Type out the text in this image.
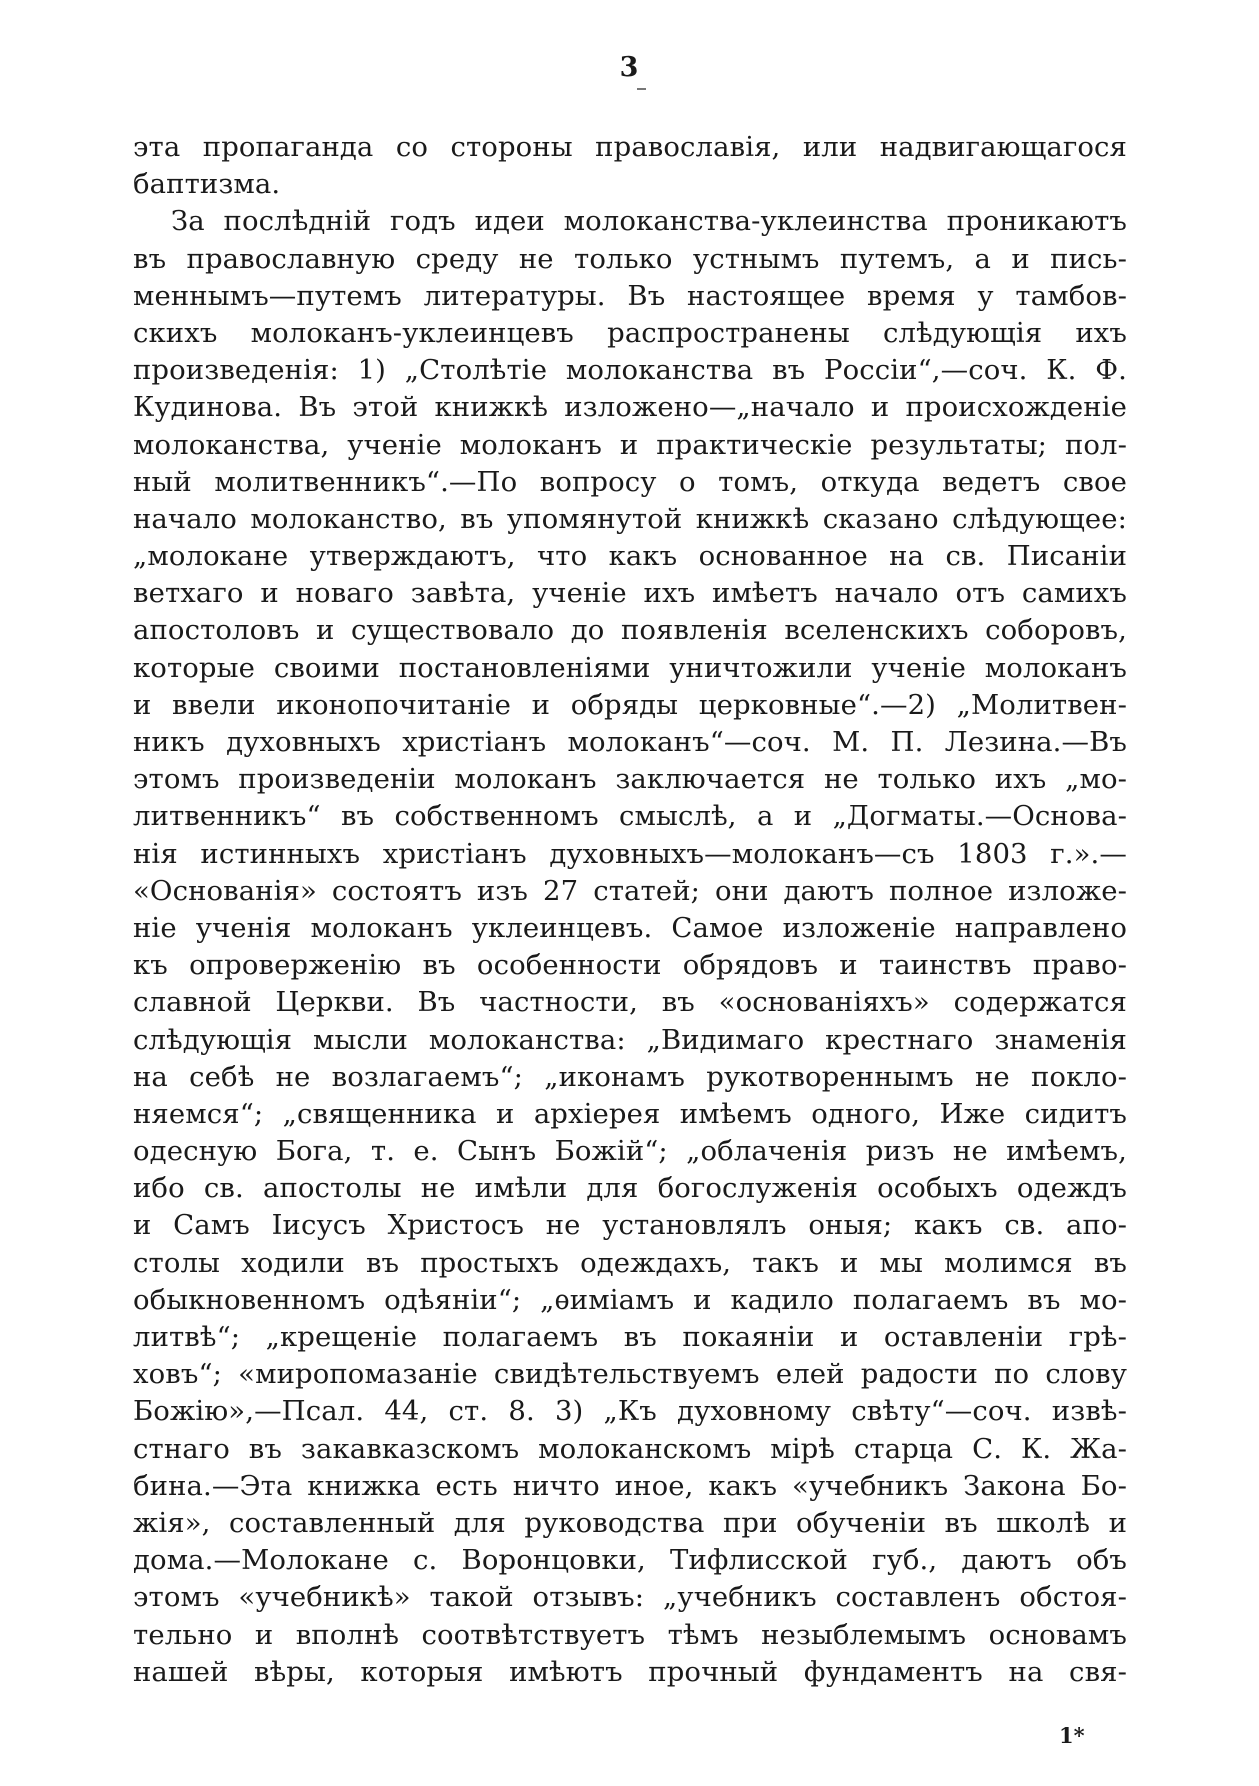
3
эта пропаганда со стороны православія, или надвигающагося
баптизма.
За послѣдній годъ идеи молоканства-уклеинства проникаютъ
въ православную среду не только устнымъ путемъ, а и пись-
меннымъ—путемъ литературы. Въ настоящее время у тамбов-
скихъ молоканъ-уклеинцевъ распространены слѣдующія ихъ
произведенія: 1) „Столѣтіе молоканства въ Россіи“,—соч. К. Ф.
Кудинова. Въ этой книжкѣ изложено—„начало и происхожденіе
молоканства, ученіе молоканъ и практическіе результаты; пол-
ный молитвенникъ“.—По вопросу о томъ, откуда ведетъ свое
начало молоканство, въ упомянутой книжкѣ сказано слѣдующее:
„молокане утверждаютъ, что какъ основанное на св. Писаніи
ветхаго и новаго завѣта, ученіе ихъ имѣетъ начало отъ самихъ
апостоловъ и существовало до появленія вселенскихъ соборовъ,
которые своими постановленіями уничтожили ученіе молоканъ
и ввели иконопочитаніе и обряды церковные“.—2) „Молитвен-
никъ духовныхъ христіанъ молоканъ“—соч. М. П. Лезина.—Въ
этомъ произведеніи молоканъ заключается не только ихъ „мо-
литвенникъ“ въ собственномъ смыслѣ, а и „Догматы.—Основа-
нія истинныхъ христіанъ духовныхъ—молоканъ—съ 1803 г.».—
«Основанія» состоятъ изъ 27 статей; они даютъ полное изложе-
ніе ученія молоканъ уклеинцевъ. Самое изложеніе направлено
къ опроверженію въ особенности обрядовъ и таинствъ право-
славной Церкви. Въ частности, въ «основаніяхъ» содержатся
слѣдующія мысли молоканства: „Видимаго крестнаго знаменія
на себѣ не возлагаемъ“; „иконамъ рукотвореннымъ не покло-
няемся“; „священника и архіерея имѣемъ одного, Иже сидитъ
одесную Бога, т. е. Сынъ Божій“; „облаченія ризъ не имѣемъ,
ибо св. апостолы не имѣли для богослуженія особыхъ одеждъ
и Самъ Іисусъ Христосъ не установлялъ оныя; какъ св. апо-
столы ходили въ простыхъ одеждахъ, такъ и мы молимся въ
обыкновенномъ одѣяніи“; „ѳиміамъ и кадило полагаемъ въ мо-
литвѣ“; „крещеніе полагаемъ въ покаяніи и оставленіи грѣ-
ховъ“; «миропомазаніе свидѣтельствуемъ елей радости по слову
Божію»,—Псал. 44, ст. 8. 3) „Къ духовному свѣту“—соч. извѣ-
стнаго въ закавказскомъ молоканскомъ мірѣ старца С. К. Жа-
бина.—Эта книжка есть ничто иное, какъ «учебникъ Закона Бо-
жія», составленный для руководства при обученіи въ школѣ и
дома.—Молокане с. Воронцовки, Тифлисской губ., даютъ объ
этомъ «учебникѣ» такой отзывъ: „учебникъ составленъ обстоя-
тельно и вполнѣ соотвѣтствуетъ тѣмъ незыблемымъ основамъ
нашей вѣры, которыя имѣютъ прочный фундаментъ на свя-
1*
